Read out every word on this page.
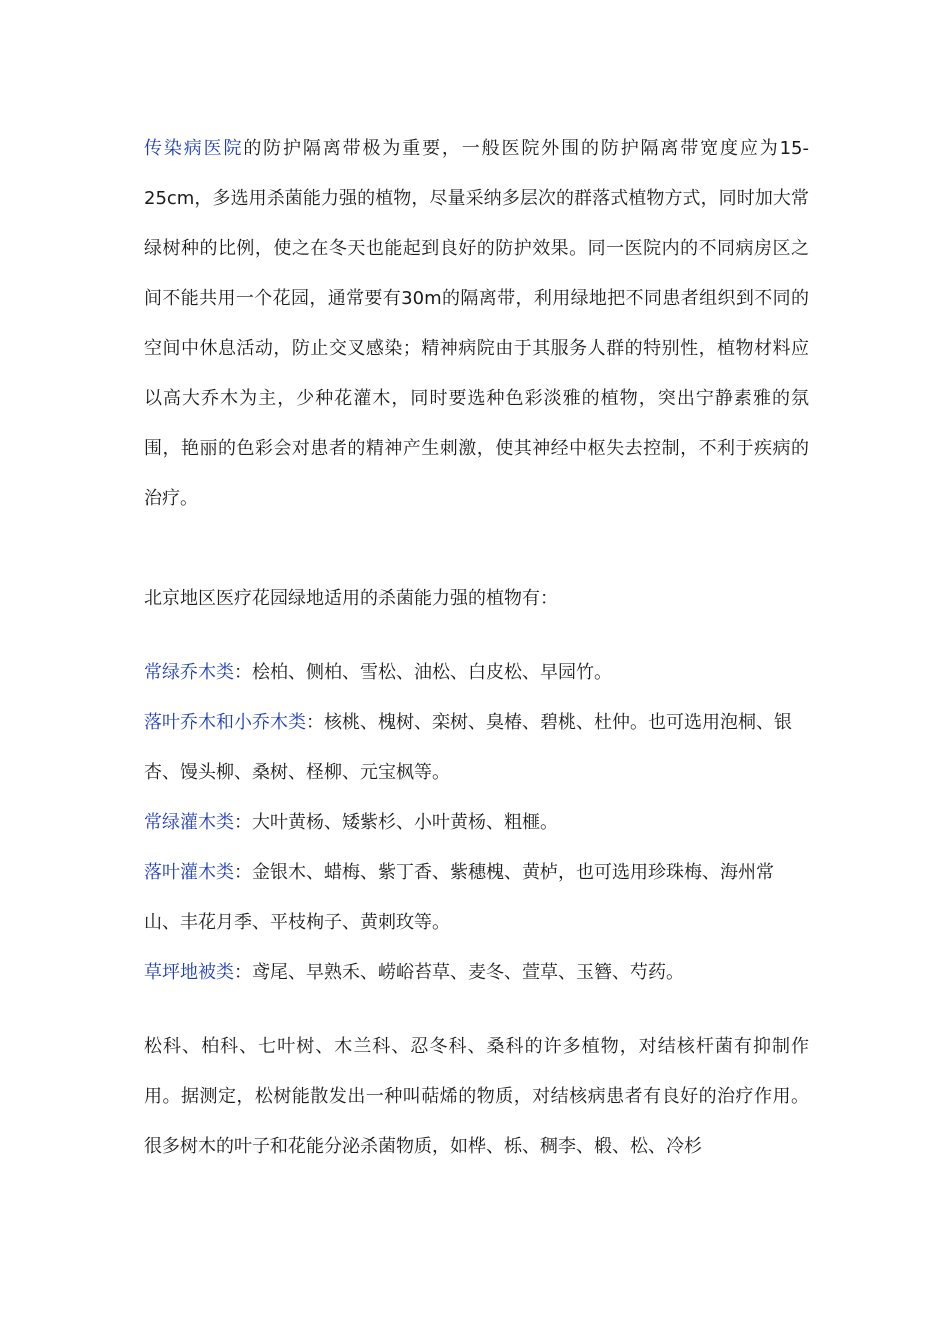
传染病医院的防护隔离带极为重要，一般医院外围的防护隔离带宽度应为15-25cm，多选用杀菌能力强的植物，尽量采纳多层次的群落式植物方式，同时加大常绿树种的比例，使之在冬天也能起到良好的防护效果。同一医院内的不同病房区之间不能共用一个花园，通常要有30m的隔离带，利用绿地把不同患者组织到不同的空间中休息活动，防止交叉感染；精神病院由于其服务人群的特别性，植物材料应以高大乔木为主，少种花灌木，同时要选种色彩淡雅的植物，突出宁静素雅的氛围，艳丽的色彩会对患者的精神产生刺激，使其神经中枢失去控制，不利于疾病的治疗。

北京地区医疗花园绿地适用的杀菌能力强的植物有：

常绿乔木类：桧柏、侧柏、雪松、油松、白皮松、早园竹。

落叶乔木和小乔木类：核桃、槐树、栾树、臭椿、碧桃、杜仲。也可选用泡桐、银杏、馒头柳、桑树、柽柳、元宝枫等。

常绿灌木类：大叶黄杨、矮紫杉、小叶黄杨、粗榧。

落叶灌木类：金银木、蜡梅、紫丁香、紫穗槐、黄栌，也可选用珍珠梅、海州常山、丰花月季、平枝栒子、黄刺玫等。

草坪地被类：鸢尾、早熟禾、崂峪苔草、麦冬、萱草、玉簪、芍药。

松科、柏科、七叶树、木兰科、忍冬科、桑科的许多植物，对结核杆菌有抑制作用。据测定，松树能散发出一种叫萜烯的物质，对结核病患者有良好的治疗作用。很多树木的叶子和花能分泌杀菌物质，如桦、栎、稠李、椴、松、冷杉
